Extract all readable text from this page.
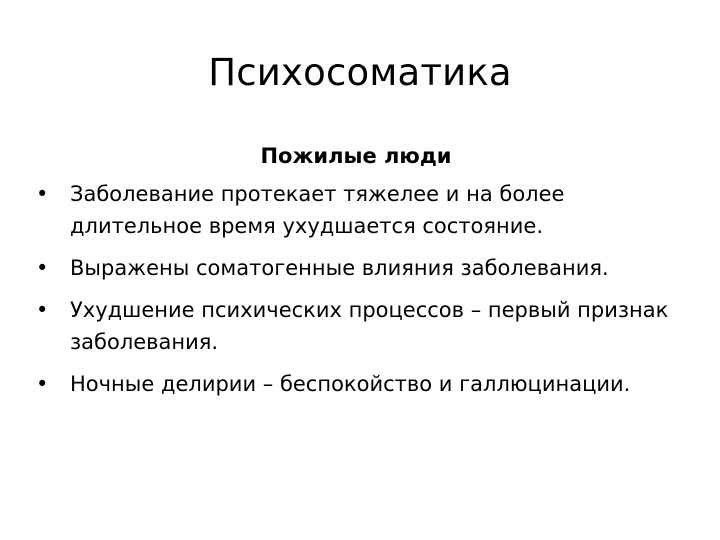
Психосоматика
Пожилые люди
•	Заболевание протекает тяжелее и на более длительное время ухудшается состояние.
•	Выражены соматогенные влияния заболевания.
•	Ухудшение психических процессов – первый признак заболевания.
•	Ночные делирии – беспокойство и галлюцинации.
